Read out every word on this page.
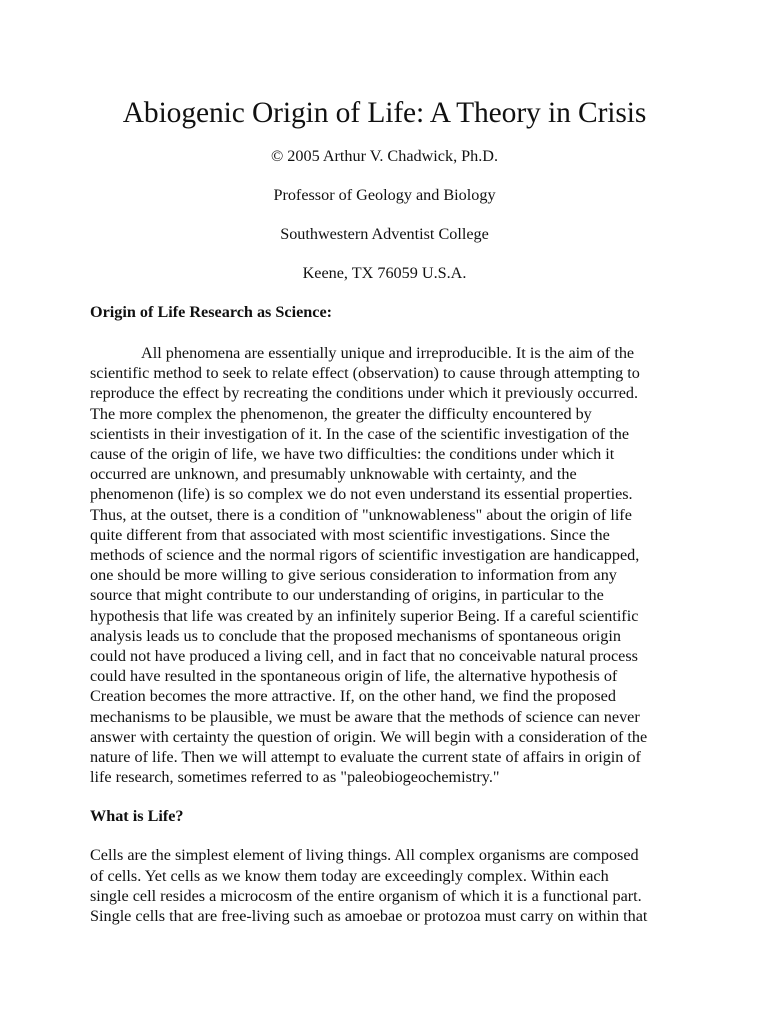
Abiogenic Origin of Life: A Theory in Crisis

© 2005 Arthur V. Chadwick, Ph.D.

Professor of Geology and Biology

Southwestern Adventist College

Keene, TX 76059 U.S.A.

Origin of Life Research as Science:

All phenomena are essentially unique and irreproducible. It is the aim of the
scientific method to seek to relate effect (observation) to cause through attempting to
reproduce the effect by recreating the conditions under which it previously occurred.
The more complex the phenomenon, the greater the difficulty encountered by
scientists in their investigation of it. In the case of the scientific investigation of the
cause of the origin of life, we have two difficulties: the conditions under which it
occurred are unknown, and presumably unknowable with certainty, and the
phenomenon (life) is so complex we do not even understand its essential properties.
Thus, at the outset, there is a condition of "unknowableness" about the origin of life
quite different from that associated with most scientific investigations. Since the
methods of science and the normal rigors of scientific investigation are handicapped,
one should be more willing to give serious consideration to information from any
source that might contribute to our understanding of origins, in particular to the
hypothesis that life was created by an infinitely superior Being. If a careful scientific
analysis leads us to conclude that the proposed mechanisms of spontaneous origin
could not have produced a living cell, and in fact that no conceivable natural process
could have resulted in the spontaneous origin of life, the alternative hypothesis of
Creation becomes the more attractive. If, on the other hand, we find the proposed
mechanisms to be plausible, we must be aware that the methods of science can never
answer with certainty the question of origin. We will begin with a consideration of the
nature of life. Then we will attempt to evaluate the current state of affairs in origin of
life research, sometimes referred to as "paleobiogeochemistry."

What is Life?

Cells are the simplest element of living things. All complex organisms are composed
of cells. Yet cells as we know them today are exceedingly complex. Within each
single cell resides a microcosm of the entire organism of which it is a functional part.
Single cells that are free-living such as amoebae or protozoa must carry on within that
